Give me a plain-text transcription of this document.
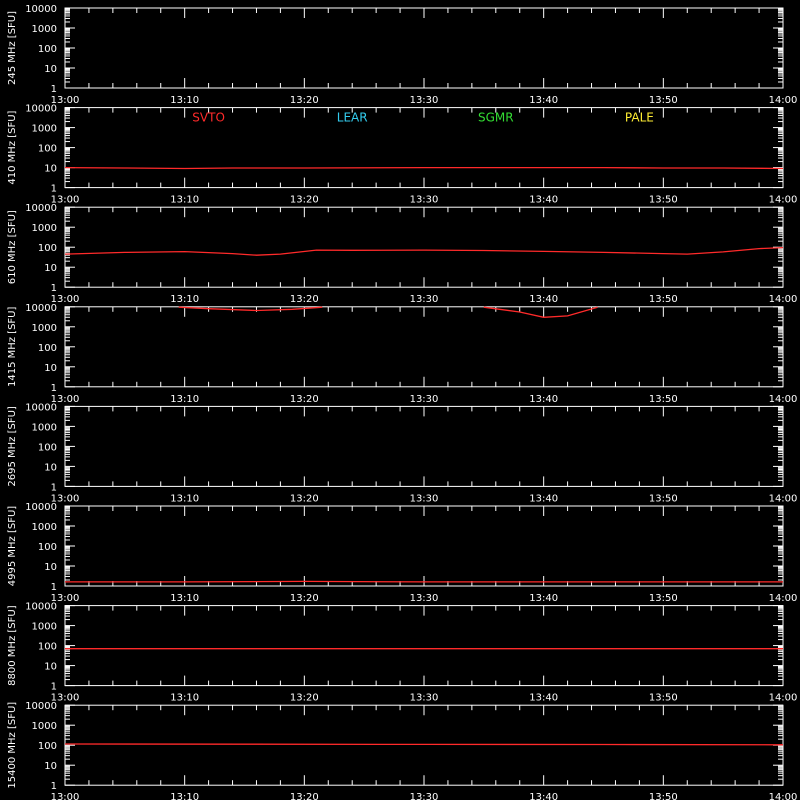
10000
1000
100
10
1
13:00	13:10	13:20	13:30	13:40	13:50	14:00
245 MHz [SFU]
10000
1000
100
10
1
13:00	13:10	13:20	13:30	13:40	13:50	14:00
410 MHz [SFU]	SVTO	LEAR	SGMR	PALE
10000
1000
100
10
1
13:00	13:10	13:20	13:30	13:40	13:50	14:00
610 MHz [SFU]
10000
1000
100
10
1
13:00	13:10	13:20	13:30	13:40	13:50	14:00
1415 MHz [SFU]
10000
1000
100
10
1
13:00	13:10	13:20	13:30	13:40	13:50	14:00
2695 MHz [SFU]
10000
1000
100
10
1
13:00	13:10	13:20	13:30	13:40	13:50	14:00
4995 MHz [SFU]
10000
1000
100
10
1
13:00	13:10	13:20	13:30	13:40	13:50	14:00
8800 MHz [SFU]
10000
1000
100
10
1
13:00	13:10	13:20	13:30	13:40	13:50	14:00
15400 MHz [SFU]
